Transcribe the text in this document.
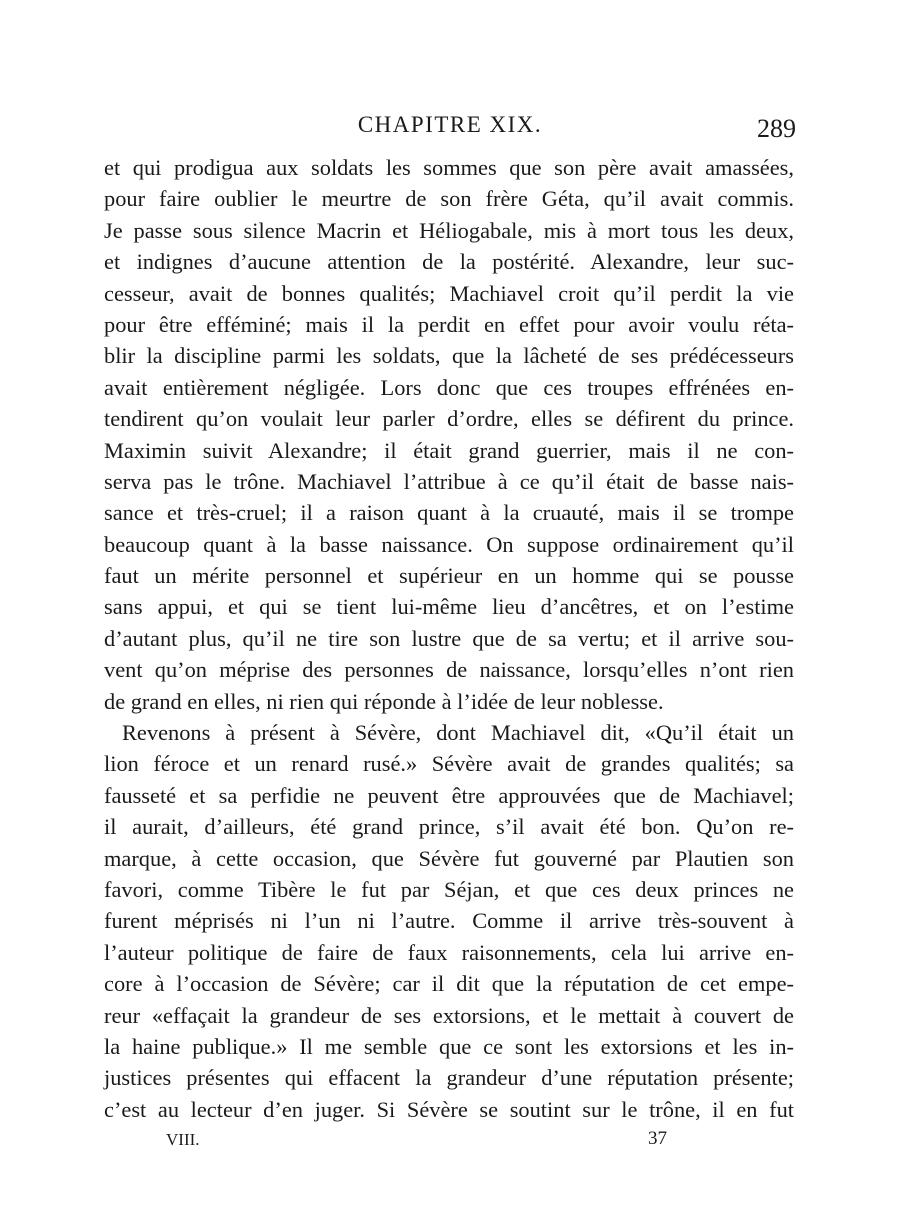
CHAPITRE XIX.	289
et qui prodigua aux soldats les sommes que son père avait amassées,
pour faire oublier le meurtre de son frère Géta, qu’il avait commis.
Je passe sous silence Macrin et Héliogabale, mis à mort tous les deux,
et indignes d’aucune attention de la postérité. Alexandre, leur suc-
cesseur, avait de bonnes qualités; Machiavel croit qu’il perdit la vie
pour être efféminé; mais il la perdit en effet pour avoir voulu réta-
blir la discipline parmi les soldats, que la lâcheté de ses prédécesseurs
avait entièrement négligée. Lors donc que ces troupes effrénées en-
tendirent qu’on voulait leur parler d’ordre, elles se défirent du prince.
Maximin suivit Alexandre; il était grand guerrier, mais il ne con-
serva pas le trône. Machiavel l’attribue à ce qu’il était de basse nais-
sance et très-cruel; il a raison quant à la cruauté, mais il se trompe
beaucoup quant à la basse naissance. On suppose ordinairement qu’il
faut un mérite personnel et supérieur en un homme qui se pousse
sans appui, et qui se tient lui-même lieu d’ancêtres, et on l’estime
d’autant plus, qu’il ne tire son lustre que de sa vertu; et il arrive sou-
vent qu’on méprise des personnes de naissance, lorsqu’elles n’ont rien
de grand en elles, ni rien qui réponde à l’idée de leur noblesse.
Revenons à présent à Sévère, dont Machiavel dit, «Qu’il était un
lion féroce et un renard rusé.» Sévère avait de grandes qualités; sa
fausseté et sa perfidie ne peuvent être approuvées que de Machiavel;
il aurait, d’ailleurs, été grand prince, s’il avait été bon. Qu’on re-
marque, à cette occasion, que Sévère fut gouverné par Plautien son
favori, comme Tibère le fut par Séjan, et que ces deux princes ne
furent méprisés ni l’un ni l’autre. Comme il arrive très-souvent à
l’auteur politique de faire de faux raisonnements, cela lui arrive en-
core à l’occasion de Sévère; car il dit que la réputation de cet empe-
reur «effaçait la grandeur de ses extorsions, et le mettait à couvert de
la haine publique.» Il me semble que ce sont les extorsions et les in-
justices présentes qui effacent la grandeur d’une réputation présente;
c’est au lecteur d’en juger. Si Sévère se soutint sur le trône, il en fut
VIII.	37
